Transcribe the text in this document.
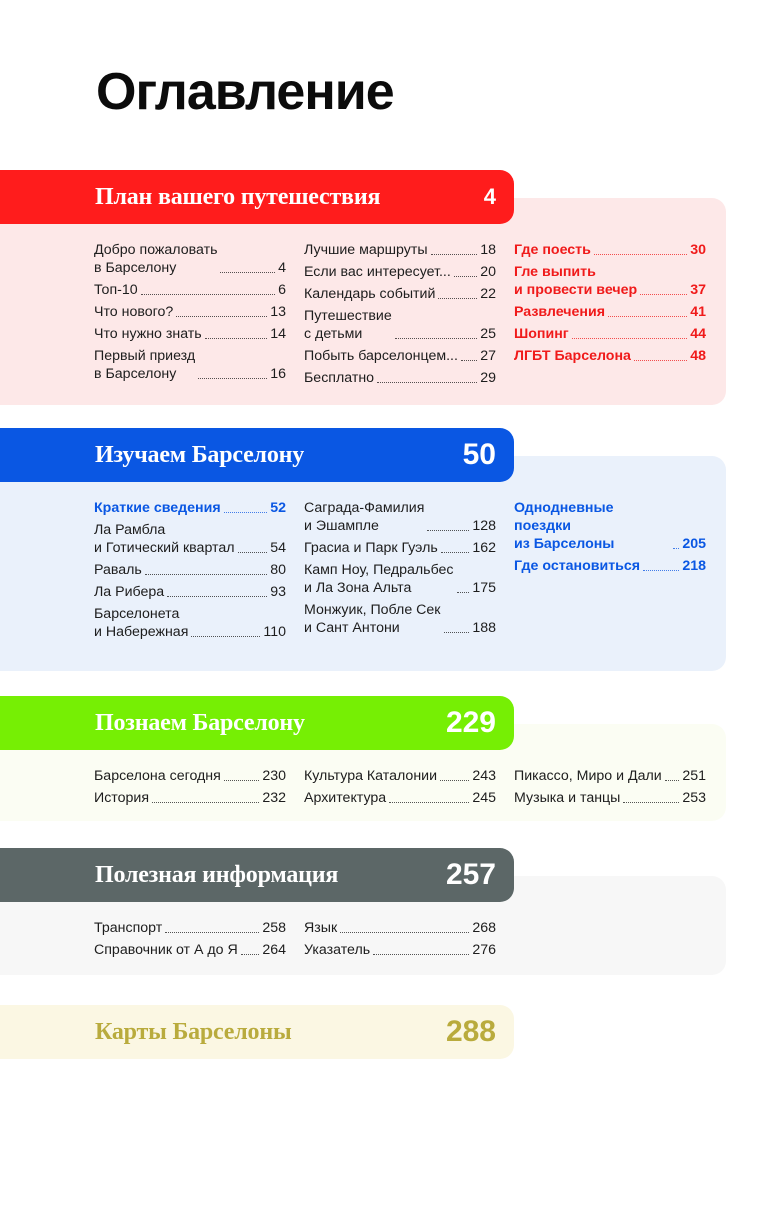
Оглавление
План вашего путешествия	4
Добро пожаловать
в Барселону	4
Топ-10	6
Что нового?	13
Что нужно знать	14
Первый приезд
в Барселону	16
Лучшие маршруты	18
Если вас интересует... 20
Календарь событий	22
Путешествие
с детьми	25
Побыть барселонцем... 27
Бесплатно	29
Где поесть	30
Гле выпить
и провести вечер	37
Развлечения	41
Шопинг	44
ЛГБТ Барселона	48
Изучаем Барселону	50
Краткие сведения	52
Ла Рамбла
и Готический квартал	54
Раваль	80
Ла Рибера	93
Барселонета
и Набережная	110
Саграда-Фамилия
и Эшампле	128
Грасиа и Парк Гуэль 162
Камп Ноу, Педральбес
и Ла Зона Альта	175
Монжуик, Побле Сек
и Сант Антони	188
Однодневные поездки
из Барселоны	205
Где остановиться	218
Познаем Барселону	229
Барселона сегодня	230
История	232
Культура Каталонии 243
Архитектура	245
Пикассо, Миро и Дали 251
Музыка и танцы	253
Полезная информация	257
Транспорт	258
Справочник от А до Я 264
Язык	268
Указатель	276
Карты Барселоны	288
